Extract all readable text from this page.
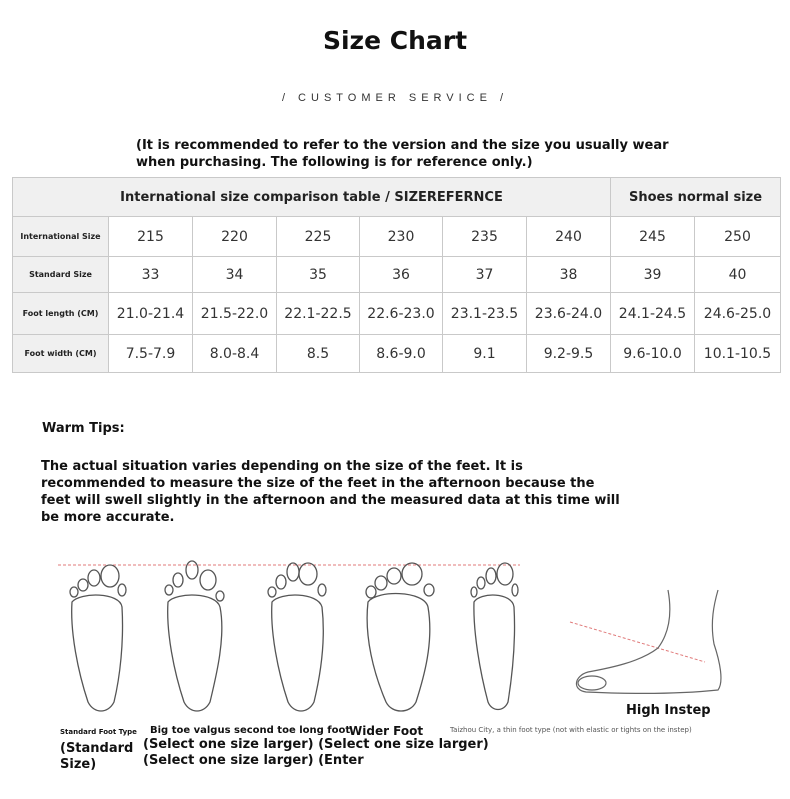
Size Chart
/ CUSTOMER SERVICE /
(It is recommended to refer to the version and the size you usually wear when purchasing. The following is for reference only.)
International size comparison table / SIZEREFERNCE							Shoes normal size	
International Size	215	220	225	230	235	240	245	250
Standard Size	33	34	35	36	37	38	39	40
Foot length (CM)	21.0-21.4	21.5-22.0	22.1-22.5	22.6-23.0	23.1-23.5	23.6-24.0	24.1-24.5	24.6-25.0
Foot width (CM)	7.5-7.9	8.0-8.4	8.5	8.6-9.0	9.1	9.2-9.5	9.6-10.0	10.1-10.5
Warm Tips:
The actual situation varies depending on the size of the feet. It is recommended to measure the size of the feet in the afternoon because the feet will swell slightly in the afternoon and the measured data at this time will be more accurate.
Standard Foot Type Big toe valgus second toe long foot
Wider Foot	Taizhou City, a thin foot type (not with elastic or tights on the instep)
High Instep
(Standard Size)
(Select one size larger) (Select one size larger) (Select one size larger) (Enter
